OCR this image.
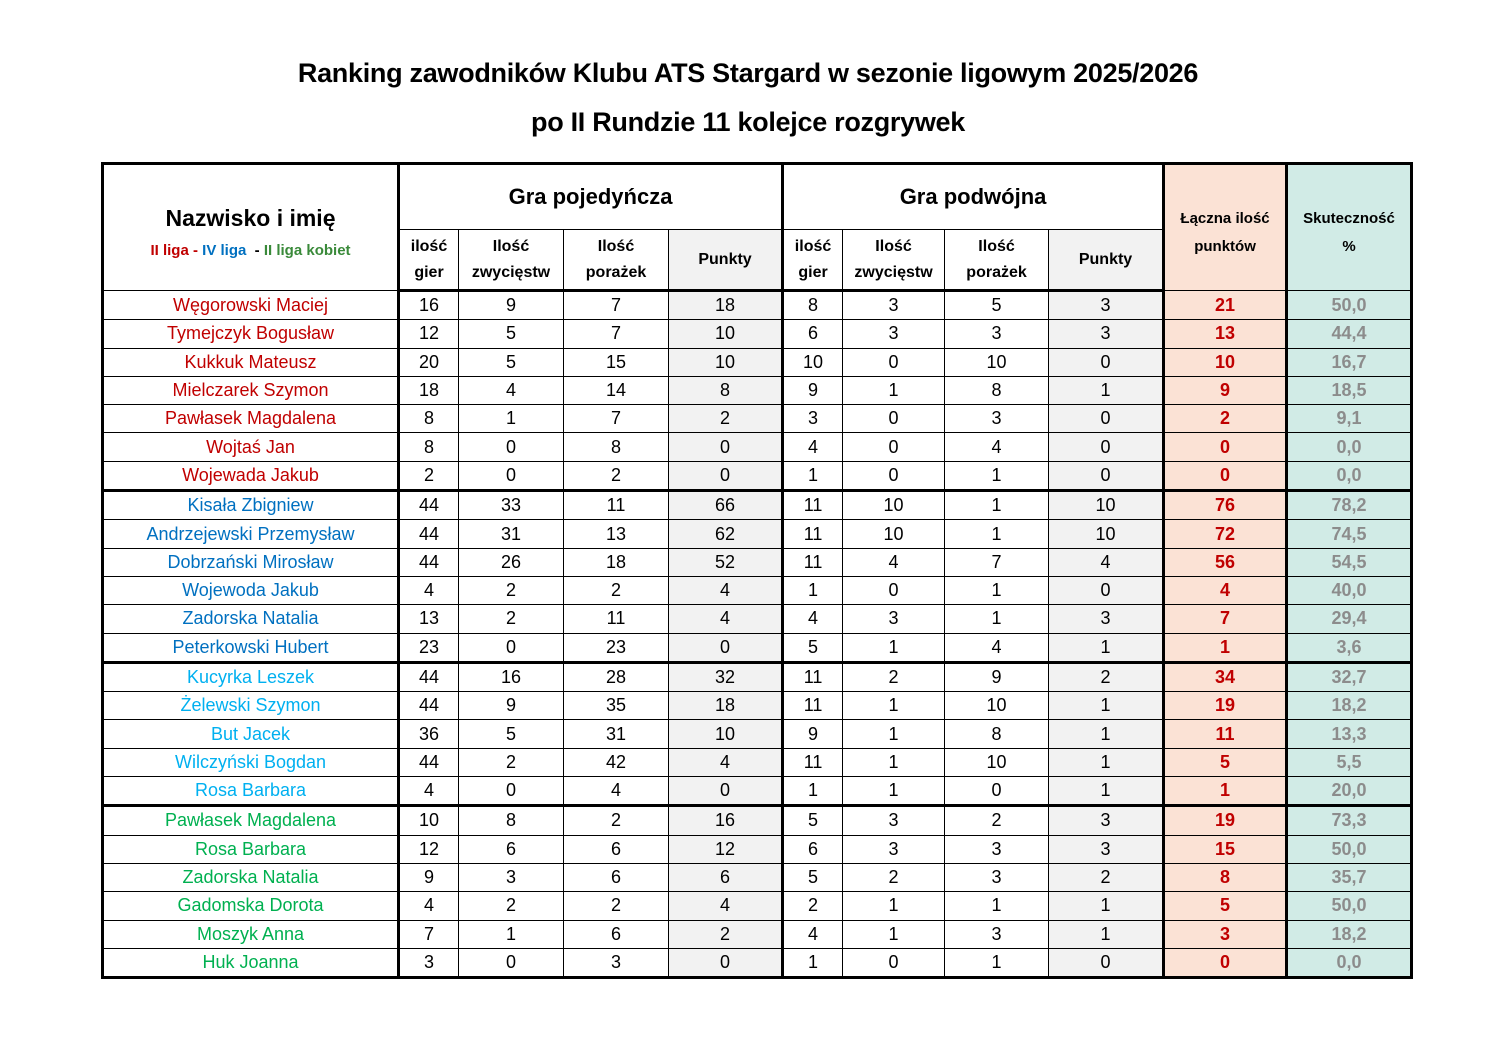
Ranking zawodników Klubu ATS Stargard w sezonie ligowym 2025/2026
po II Rundzie 11 kolejce rozgrywek
Nazwisko i imię
II liga - IV liga  - II liga kobiet
	Gra pojedyńcza	Gra podwójna	Łączna ilość
punktów	Skuteczność
%
ilość
gier	Ilość
zwycięstw	Ilość
porażek	Punkty	ilość
gier	Ilość
zwycięstw	Ilość
porażek	Punkty
Węgorowski Maciej	16	9	7	18	8	3	5	3	21	50,0
Tymejczyk Bogusław	12	5	7	10	6	3	3	3	13	44,4
Kukkuk Mateusz	20	5	15	10	10	0	10	0	10	16,7
Mielczarek Szymon	18	4	14	8	9	1	8	1	9	18,5
Pawłasek Magdalena	8	1	7	2	3	0	3	0	2	9,1
Wojtaś Jan	8	0	8	0	4	0	4	0	0	0,0
Wojewada Jakub	2	0	2	0	1	0	1	0	0	0,0
Kisała Zbigniew	44	33	11	66	11	10	1	10	76	78,2
Andrzejewski Przemysław	44	31	13	62	11	10	1	10	72	74,5
Dobrzański Mirosław	44	26	18	52	11	4	7	4	56	54,5
Wojewoda Jakub	4	2	2	4	1	0	1	0	4	40,0
Zadorska Natalia	13	2	11	4	4	3	1	3	7	29,4
Peterkowski Hubert	23	0	23	0	5	1	4	1	1	3,6
Kucyrka Leszek	44	16	28	32	11	2	9	2	34	32,7
Żelewski Szymon	44	9	35	18	11	1	10	1	19	18,2
But Jacek	36	5	31	10	9	1	8	1	11	13,3
Wilczyński Bogdan	44	2	42	4	11	1	10	1	5	5,5
Rosa Barbara	4	0	4	0	1	1	0	1	1	20,0
Pawłasek Magdalena	10	8	2	16	5	3	2	3	19	73,3
Rosa Barbara	12	6	6	12	6	3	3	3	15	50,0
Zadorska Natalia	9	3	6	6	5	2	3	2	8	35,7
Gadomska Dorota	4	2	2	4	2	1	1	1	5	50,0
Moszyk Anna	7	1	6	2	4	1	3	1	3	18,2
Huk Joanna	3	0	3	0	1	0	1	0	0	0,0
